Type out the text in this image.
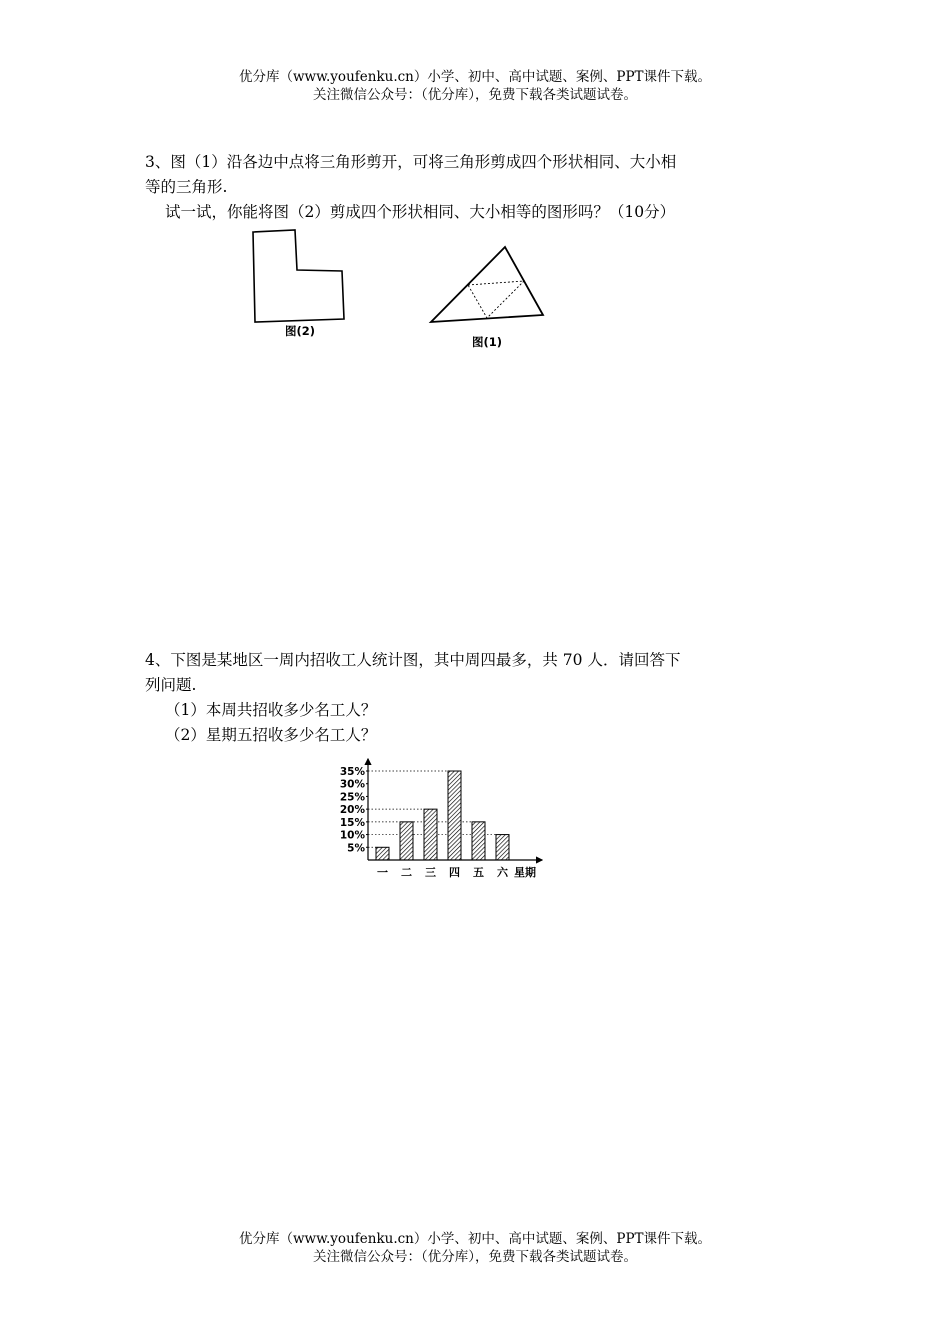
优分库（www.youfenku.cn）小学、初中、高中试题、案例、PPT课件下载。
关注微信公众号：（优分库），免费下载各类试题试卷。
3、图（1）沿各边中点将三角形剪开，可将三角形剪成四个形状相同、大小相
等的三角形.
试一试，你能将图（2）剪成四个形状相同、大小相等的图形吗？（10分）
图(2)
图(1)
4、下图是某地区一周内招收工人统计图，其中周四最多，共 70 人．请回答下
列问题.
（1）本周共招收多少名工人？
（2）星期五招收多少名工人？
5%
10%
15%
20%
25%
30%
35%
一 二 三 四 五 六 星期
优分库（www.youfenku.cn）小学、初中、高中试题、案例、PPT课件下载。
关注微信公众号：（优分库），免费下载各类试题试卷。
